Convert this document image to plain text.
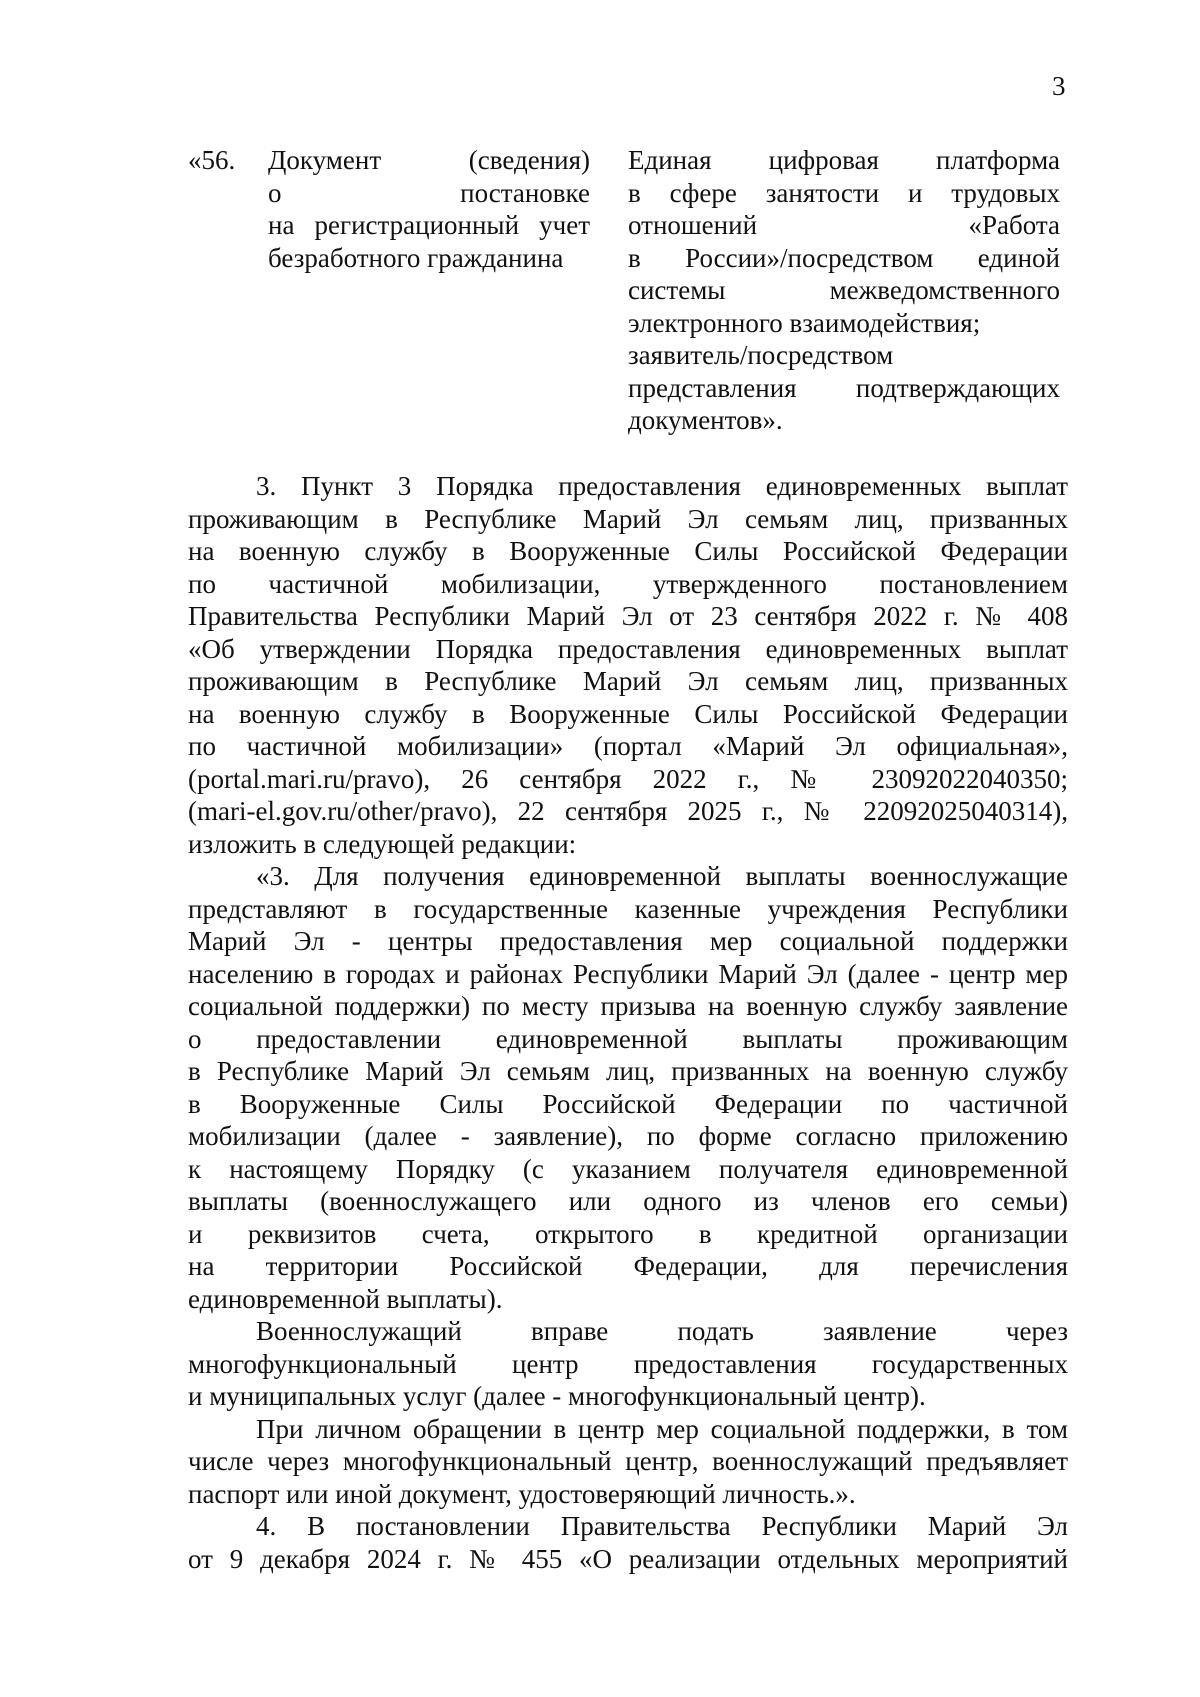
3
«56. Документ (сведения)
о постановке
на регистрационный учет
безработного гражданина
Единая цифровая платформа
в сфере занятости и трудовых
отношений «Работа
в России»/посредством единой
системы межведомственного
электронного взаимодействия;
заявитель/посредством
представления подтверждающих
документов».
3. Пункт 3 Порядка предоставления единовременных выплат
проживающим в Республике Марий Эл семьям лиц, призванных
на военную службу в Вооруженные Силы Российской Федерации
по частичной мобилизации, утвержденного постановлением
Правительства Республики Марий Эл от 23 сентября 2022 г. № 408
«Об утверждении Порядка предоставления единовременных выплат
проживающим в Республике Марий Эл семьям лиц, призванных
на военную службу в Вооруженные Силы Российской Федерации
по частичной мобилизации» (портал «Марий Эл официальная»,
(portal.mari.ru/pravo), 26 сентября 2022 г., № 23092022040350;
(mari-el.gov.ru/other/pravo), 22 сентября 2025 г., № 22092025040314),
изложить в следующей редакции:
«3. Для получения единовременной выплаты военнослужащие
представляют в государственные казенные учреждения Республики
Марий Эл - центры предоставления мер социальной поддержки
населению в городах и районах Республики Марий Эл (далее - центр мер
социальной поддержки) по месту призыва на военную службу заявление
о предоставлении единовременной выплаты проживающим
в Республике Марий Эл семьям лиц, призванных на военную службу
в Вооруженные Силы Российской Федерации по частичной
мобилизации (далее - заявление), по форме согласно приложению
к настоящему Порядку (с указанием получателя единовременной
выплаты (военнослужащего или одного из членов его семьи)
и реквизитов счета, открытого в кредитной организации
на территории Российской Федерации, для перечисления
единовременной выплаты).
Военнослужащий вправе подать заявление через
многофункциональный центр предоставления государственных
и муниципальных услуг (далее - многофункциональный центр).
При личном обращении в центр мер социальной поддержки, в том
числе через многофункциональный центр, военнослужащий предъявляет
паспорт или иной документ, удостоверяющий личность.».
4. В постановлении Правительства Республики Марий Эл
от 9 декабря 2024 г. № 455 «О реализации отдельных мероприятий
